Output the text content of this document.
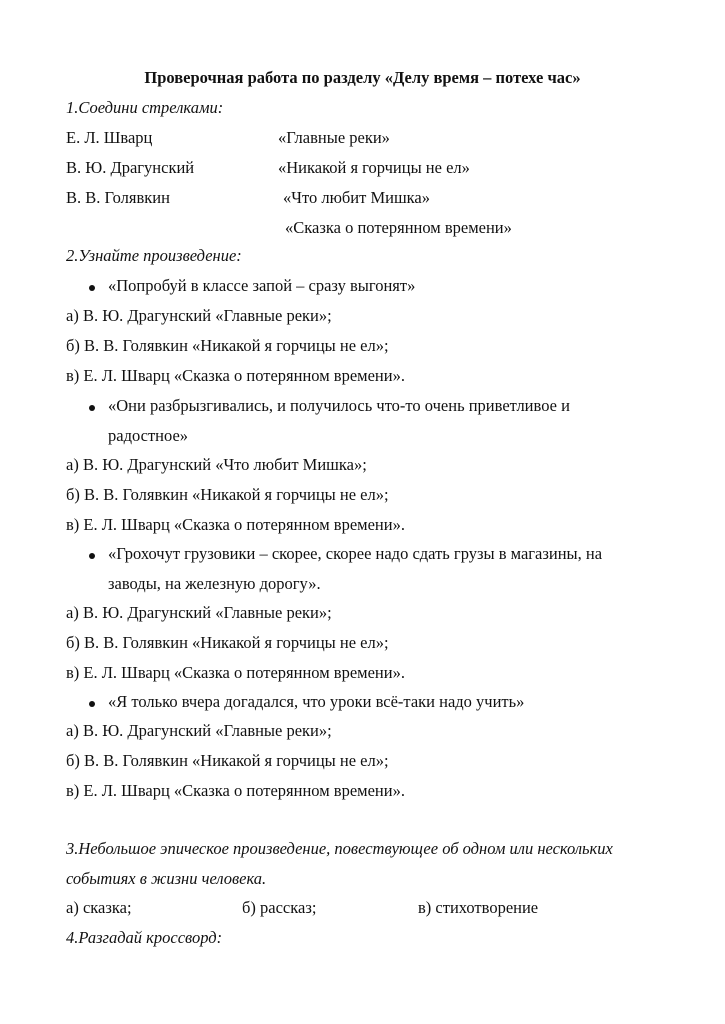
Проверочная работа по разделу «Делу время – потехе час»
1.Соедини стрелками:
Е. Л. Шварц
В. Ю. Драгунский
В. В. Голявкин
«Главные реки»
«Никакой я горчицы не ел»
«Что любит Мишка»
«Сказка о потерянном времени»
2.Узнайте произведение:
«Попробуй в классе запой – сразу выгонят»
а) В. Ю. Драгунский «Главные реки»;
б) В. В. Голявкин «Никакой я горчицы не ел»;
в) Е. Л. Шварц «Сказка о потерянном времени».
«Они разбрызгивались, и получилось что-то очень приветливое и
радостное»
а) В. Ю. Драгунский «Что любит Мишка»;
б) В. В. Голявкин «Никакой я горчицы не ел»;
в) Е. Л. Шварц «Сказка о потерянном времени».
«Грохочут грузовики – скорее, скорее надо сдать грузы в магазины, на
заводы, на железную дорогу».
а) В. Ю. Драгунский «Главные реки»;
б) В. В. Голявкин «Никакой я горчицы не ел»;
в) Е. Л. Шварц «Сказка о потерянном времени».
«Я только вчера догадался, что уроки всё-таки надо учить»
а) В. Ю. Драгунский «Главные реки»;
б) В. В. Голявкин «Никакой я горчицы не ел»;
в) Е. Л. Шварц «Сказка о потерянном времени».
3.Небольшое эпическое произведение, повествующее об одном или нескольких
событиях в жизни человека.
а) сказка;	б) рассказ;	в) стихотворение
4.Разгадай кроссворд:
